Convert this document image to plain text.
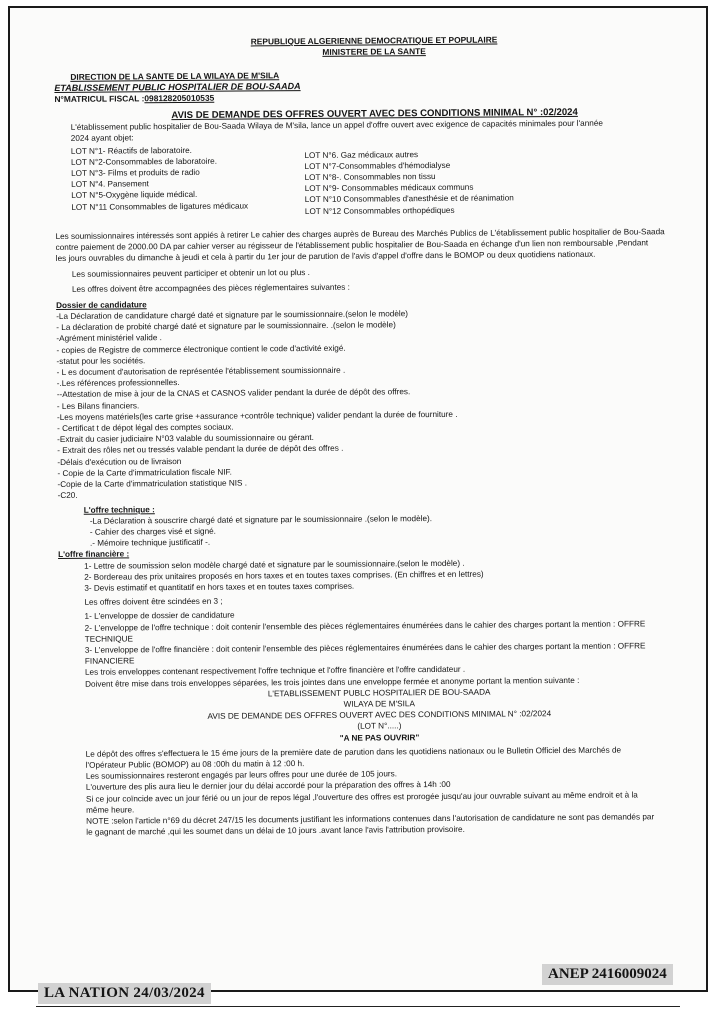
REPUBLIQUE ALGERIENNE DEMOCRATIQUE ET POPULAIRE
MINISTERE DE LA SANTE
DIRECTION DE LA SANTE DE LA WILAYA DE M'SILA
ETABLISSEMENT PUBLIC HOSPITALIER DE BOU-SAADA
N°MATRICUL FISCAL :098128205010535
AVIS DE DEMANDE DES OFFRES OUVERT AVEC DES CONDITIONS MINIMAL N° :02/2024
L'établissement public hospitalier de Bou-Saada Wilaya de M'sila, lance un appel d'offre ouvert avec exigence de capacités minimales pour l'année
2024 ayant objet:
LOT N°1- Réactifs de laboratoire.
LOT N°2-Consommables de laboratoire.
LOT N°3- Films et produits de radio
LOT N°4. Pansement
LOT N°5-Oxygène liquide médical.
LOT N°11 Consommables de ligatures médicaux
LOT N°6. Gaz médicaux autres
LOT N°7-Consommables d'hémodialyse
LOT N°8-. Consommables non tissu
LOT N°9- Consommables médicaux communs
LOT N°10 Consommables d'anesthésie et de réanimation
LOT N°12 Consommables orthopédiques
Les soumissionnaires intéressés sont appiés à retirer Le cahier des charges auprès de Bureau des Marchés Publics de L'établissement public hospitalier de Bou-Saada
contre paiement de 2000.00 DA par cahier verser au régisseur de l'établissement public hospitalier de Bou-Saada en échange d'un lien non remboursable ,Pendant
les jours ouvrables du dimanche à jeudi et cela à partir du 1er jour de parution de l'avis d'appel d'offre dans le BOMOP ou deux quotidiens nationaux.
Les soumissionnaires peuvent participer et obtenir un lot ou plus .
Les offres doivent être accompagnées des pièces réglementaires suivantes :
Dossier de candidature
-La Déclaration de candidature chargé daté et signature par le soumissionnaire.(selon le modèle)
- La déclaration de probité chargé daté et signature par le soumissionnaire. .(selon le modèle)
-Agrément ministériel valide .
- copies de Registre de commerce électronique contient le code d'activité exigé.
-statut pour les sociétés.
- L es document d'autorisation de représentée l'établissement soumissionnaire .
-.Les références professionnelles.
--Attestation de mise à jour de la CNAS et CASNOS valider pendant la durée de dépôt des offres.
- Les Bilans financiers.
-Les moyens matériels(les carte grise +assurance +contrôle technique) valider pendant la durée de fourniture .
- Certificat t de dépot légal des comptes sociaux.
-Extrait du casier judiciaire N°03 valable du soumissionnaire ou gérant.
- Extrait des rôles net ou tressés valable pendant la durée de dépôt des offres .
-Délais d'exécution ou de livraison
- Copie de la Carte d'immatriculation fiscale NIF.
-Copie de la Carte d'immatriculation statistique NIS .
-C20.
L'offre technique :
-La Déclaration à souscrire chargé daté et signature par le soumissionnaire .(selon le modèle).
- Cahier des charges visé et signé.
.- Mémoire technique justificatif -.
L'offre financière :
1- Lettre de soumission selon modèle chargé daté et signature par le soumissionnaire.(selon le modèle) .
2- Bordereau des prix unitaires proposés en hors taxes et en toutes taxes comprises. (En chiffres et en lettres)
3- Devis estimatif et quantitatif en hors taxes et en toutes taxes comprises.
Les offres doivent être scindées en 3 ;
1- L'enveloppe de dossier de candidature
2- L'enveloppe de l'offre technique : doit contenir l'ensemble des pièces réglementaires énumérées dans le cahier des charges portant la mention : OFFRE
TECHNIQUE
3- L'enveloppe de l'offre financière : doit contenir l'ensemble des pièces réglementaires énumérées dans le cahier des charges portant la mention : OFFRE
FINANCIERE
Les trois enveloppes contenant respectivement l'offre technique et l'offre financière et l'offre candidateur .
Doivent être mise dans trois enveloppes séparées, les trois jointes dans une enveloppe fermée et anonyme portant la mention suivante :
L'ETABLISSEMENT PUBLC HOSPITALIER DE BOU-SAADA
WILAYA DE M'SILA
AVIS DE DEMANDE DES OFFRES OUVERT AVEC DES CONDITIONS MINIMAL N° :02/2024
(LOT N°.....)
"A NE PAS OUVRIR"
Le dépôt des offres s'effectuera le 15 éme jours de la première date de parution dans les quotidiens nationaux ou le Bulletin Officiel des Marchés de
l'Opérateur Public (BOMOP) au 08 :00h du matin à 12 :00 h.
Les soumissionnaires resteront engagés par leurs offres pour une durée de 105 jours.
L'ouverture des plis aura lieu le dernier jour du délai accordé pour la préparation des offres à 14h :00
Si ce jour coïncide avec un jour férié ou un jour de repos légal ,l'ouverture des offres est prorogée jusqu'au jour ouvrable suivant au même endroit et à la
même heure.
NOTE :selon l'article n°69 du décret 247/15 les documents justifiant les informations contenues dans l'autorisation de candidature ne sont pas demandés par
le gagnant de marché ,qui les soumet dans un délai de 10 jours .avant lance l'avis l'attribution provisoire.
ANEP 2416009024
LA NATION 24/03/2024
